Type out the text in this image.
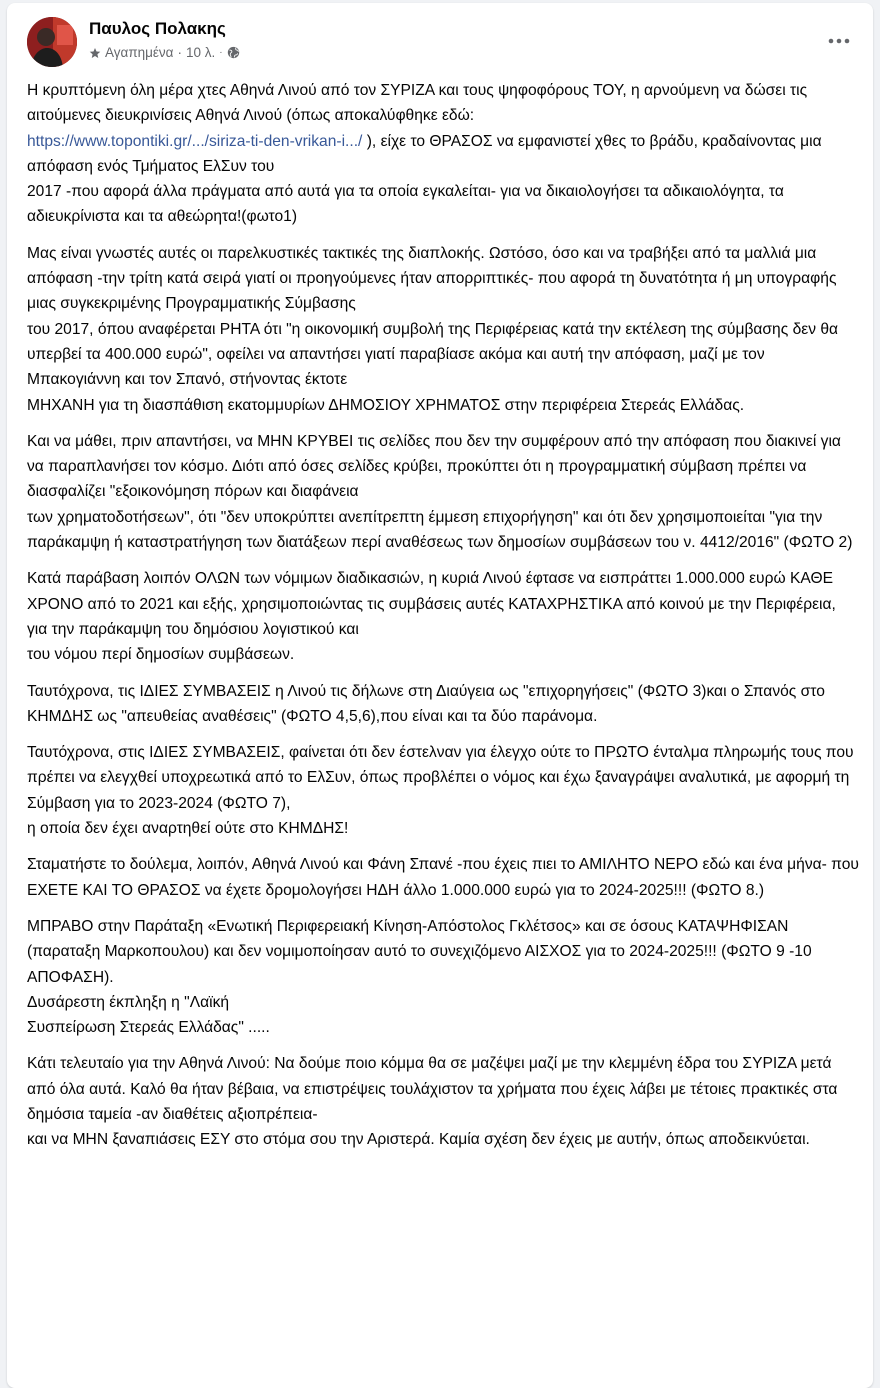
Παυλος Πολακης
Αγαπημένα · 10 λ. ·

Η κρυπτόμενη όλη μέρα χτες Αθηνά Λινού από τον ΣΥΡΙΖΑ και τους ψηφοφόρους ΤΟΥ, η αρνούμενη να δώσει τις αιτούμενες διευκρινίσεις Αθηνά Λινού (όπως αποκαλύφθηκε εδώ:
https://www.topontiki.gr/.../siriza-ti-den-vrikan-i.../ ), είχε το ΘΡΑΣΟΣ να εμφανιστεί χθες το βράδυ, κραδαίνοντας μια απόφαση ενός Τμήματος ΕλΣυν του
2017 -που αφορά άλλα πράγματα από αυτά για τα οποία εγκαλείται- για να δικαιολογήσει τα αδικαιολόγητα, τα αδιευκρίνιστα και τα αθεώρητα!(φωτο1)

Μας είναι γνωστές αυτές οι παρελκυστικές τακτικές της διαπλοκής. Ωστόσο, όσο και να τραβήξει από τα μαλλιά μια απόφαση -την τρίτη κατά σειρά γιατί οι προηγούμενες ήταν απορριπτικές- που αφορά τη δυνατότητα ή μη υπογραφής μιας συγκεκριμένης Προγραμματικής Σύμβασης
του 2017, όπου αναφέρεται ΡΗΤΑ ότι "η οικονομική συμβολή της Περιφέρειας κατά την εκτέλεση της σύμβασης δεν θα υπερβεί τα 400.000 ευρώ", οφείλει να απαντήσει γιατί παραβίασε ακόμα και αυτή την απόφαση, μαζί με τον Μπακογιάννη και τον Σπανό, στήνοντας έκτοτε
ΜΗΧΑΝΗ για τη διασπάθιση εκατομμυρίων ΔΗΜΟΣΙΟΥ ΧΡΗΜΑΤΟΣ στην περιφέρεια Στερεάς Ελλάδας.

Και να μάθει, πριν απαντήσει, να ΜΗΝ ΚΡΥΒΕΙ τις σελίδες που δεν την συμφέρουν από την απόφαση που διακινεί για να παραπλανήσει τον κόσμο. Διότι από όσες σελίδες κρύβει, προκύπτει ότι η προγραμματική σύμβαση πρέπει να διασφαλίζει "εξοικονόμηση πόρων και διαφάνεια
των χρηματοδοτήσεων", ότι "δεν υποκρύπτει ανεπίτρεπτη έμμεση επιχορήγηση" και ότι δεν χρησιμοποιείται "για την παράκαμψη ή καταστρατήγηση των διατάξεων περί αναθέσεως των δημοσίων συμβάσεων του ν. 4412/2016" (ΦΩΤΟ 2)

Κατά παράβαση λοιπόν ΟΛΩΝ των νόμιμων διαδικασιών, η κυριά Λινού έφτασε να εισπράττει 1.000.000 ευρώ ΚΑΘΕ ΧΡΟΝΟ από το 2021 και εξής, χρησιμοποιώντας τις συμβάσεις αυτές ΚΑΤΑΧΡΗΣΤΙΚΑ από κοινού με την Περιφέρεια, για την παράκαμψη του δημόσιου λογιστικού και
του νόμου περί δημοσίων συμβάσεων.

Ταυτόχρονα, τις ΙΔΙΕΣ ΣΥΜΒΑΣΕΙΣ η Λινού τις δήλωνε στη Διαύγεια ως "επιχορηγήσεις" (ΦΩΤΟ 3)και ο Σπανός στο ΚΗΜΔΗΣ ως "απευθείας αναθέσεις" (ΦΩΤΟ 4,5,6),που είναι και τα δύο παράνομα.

Ταυτόχρονα, στις ΙΔΙΕΣ ΣΥΜΒΑΣΕΙΣ, φαίνεται ότι δεν έστελναν για έλεγχο ούτε το ΠΡΩΤΟ ένταλμα πληρωμής τους που πρέπει να ελεγχθεί υποχρεωτικά από το ΕλΣυν, όπως προβλέπει ο νόμος και έχω ξαναγράψει αναλυτικά, με αφορμή τη Σύμβαση για το 2023-2024 (ΦΩΤΟ 7),
η οποία δεν έχει αναρτηθεί ούτε στο ΚΗΜΔΗΣ!

Σταματήστε το δούλεμα, λοιπόν, Αθηνά Λινού και Φάνη Σπανέ -που έχεις πιει το ΑΜΙΛΗΤΟ ΝΕΡΟ εδώ και ένα μήνα- που ΕΧΕΤΕ ΚΑΙ ΤΟ ΘΡΑΣΟΣ να έχετε δρομολογήσει ΗΔΗ άλλο 1.000.000 ευρώ για το 2024-2025!!! (ΦΩΤΟ 8.)

ΜΠΡΑΒΟ στην Παράταξη «Ενωτική Περιφερειακή Κίνηση-Απόστολος Γκλέτσος» και σε όσους ΚΑΤΑΨΗΦΙΣΑΝ (παραταξη Μαρκοπουλου) και δεν νομιμοποίησαν αυτό το συνεχιζόμενο ΑΙΣΧΟΣ για το 2024-2025!!! (ΦΩΤΟ 9 -10 ΑΠΟΦΑΣΗ).
Δυσάρεστη έκπληξη η "Λαϊκή
Συσπείρωση Στερεάς Ελλάδας" .....

Κάτι τελευταίο για την Αθηνά Λινού: Να δούμε ποιο κόμμα θα σε μαζέψει μαζί με την κλεμμένη έδρα του ΣΥΡΙΖΑ μετά από όλα αυτά. Καλό θα ήταν βέβαια, να επιστρέψεις τουλάχιστον τα χρήματα που έχεις λάβει με τέτοιες πρακτικές στα δημόσια ταμεία -αν διαθέτεις αξιοπρέπεια-
και να ΜΗΝ ξαναπιάσεις ΕΣΥ στο στόμα σου την Αριστερά. Καμία σχέση δεν έχεις με αυτήν, όπως αποδεικνύεται.
